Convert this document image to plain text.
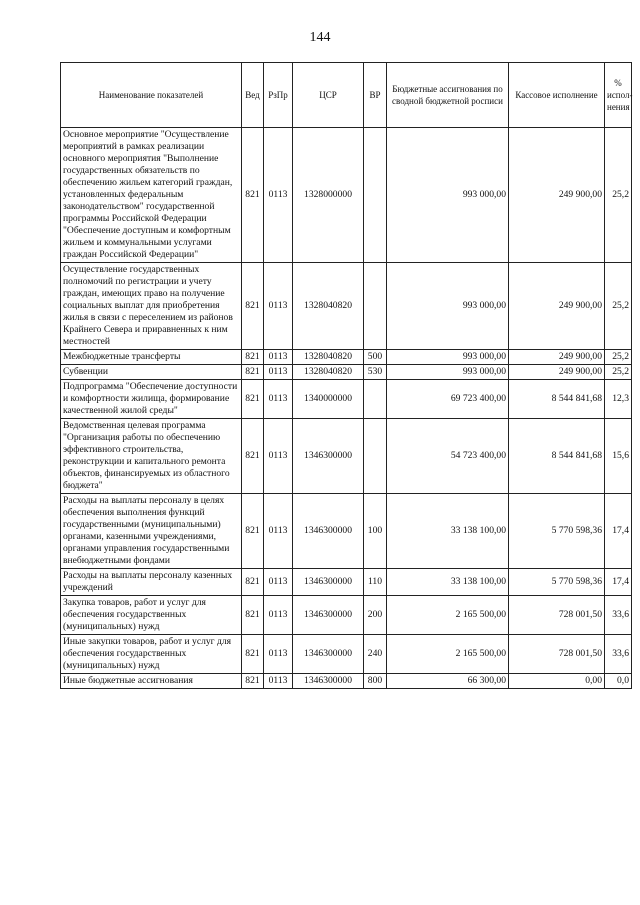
144
Наименование показателей	Вед	РзПр	ЦСР	ВР	Бюджетные ассигнования по сводной бюджетной росписи	Кассовое исполнение	% испол-нения
Основное мероприятие "Осуществление мероприятий в рамках реализации основного мероприятия "Выполнение государственных обязательств по обеспечению жильем категорий граждан, установленных федеральным законодательством" государственной программы Российской Федерации "Обеспечение доступным и комфортным жильем и коммунальными услугами граждан Российской Федерации"	821	0113	1328000000		993 000,00	249 900,00	25,2
Осуществление государственных полномочий по регистрации и учету граждан, имеющих право на получение социальных выплат для приобретения жилья в связи с переселением из районов Крайнего Севера и приравненных к ним местностей	821	0113	1328040820		993 000,00	249 900,00	25,2
Межбюджетные трансферты	821	0113	1328040820	500	993 000,00	249 900,00	25,2
Субвенции	821	0113	1328040820	530	993 000,00	249 900,00	25,2
Подпрограмма "Обеспечение доступности и комфортности жилища, формирование качественной жилой среды"	821	0113	1340000000		69 723 400,00	8 544 841,68	12,3
Ведомственная целевая программа "Организация работы по обеспечению эффективного строительства, реконструкции и капитального ремонта объектов, финансируемых из областного бюджета"	821	0113	1346300000		54 723 400,00	8 544 841,68	15,6
Расходы на выплаты персоналу в целях обеспечения выполнения функций государственными (муниципальными) органами, казенными учреждениями, органами управления государственными внебюджетными фондами	821	0113	1346300000	100	33 138 100,00	5 770 598,36	17,4
Расходы на выплаты персоналу казенных учреждений	821	0113	1346300000	110	33 138 100,00	5 770 598,36	17,4
Закупка товаров, работ и услуг для обеспечения государственных (муниципальных) нужд	821	0113	1346300000	200	2 165 500,00	728 001,50	33,6
Иные закупки товаров, работ и услуг для обеспечения государственных (муниципальных) нужд	821	0113	1346300000	240	2 165 500,00	728 001,50	33,6
Иные бюджетные ассигнования	821	0113	1346300000	800	66 300,00	0,00	0,0
